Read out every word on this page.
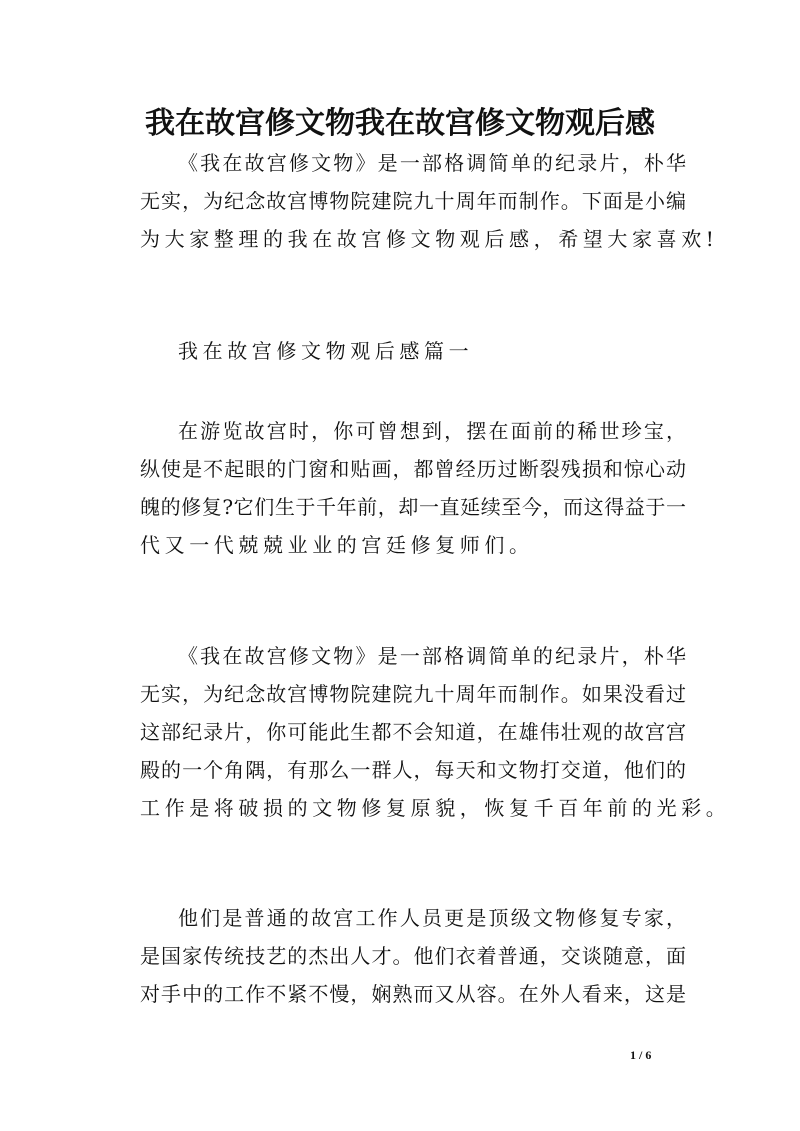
我在故宫修文物我在故宫修文物观后感
《我在故宫修文物》是一部格调简单的纪录片，朴华
无实，为纪念故宫博物院建院九十周年而制作。下面是小编
为大家整理的我在故宫修文物观后感，希望大家喜欢!
我在故宫修文物观后感篇一
在游览故宫时，你可曾想到，摆在面前的稀世珍宝，
纵使是不起眼的门窗和贴画，都曾经历过断裂残损和惊心动
魄的修复?它们生于千年前，却一直延续至今，而这得益于一
代又一代兢兢业业的宫廷修复师们。
《我在故宫修文物》是一部格调简单的纪录片，朴华
无实，为纪念故宫博物院建院九十周年而制作。如果没看过
这部纪录片，你可能此生都不会知道，在雄伟壮观的故宫宫
殿的一个角隅，有那么一群人，每天和文物打交道，他们的
工作是将破损的文物修复原貌，恢复千百年前的光彩。
他们是普通的故宫工作人员更是顶级文物修复专家，
是国家传统技艺的杰出人才。他们衣着普通，交谈随意，面
对手中的工作不紧不慢，娴熟而又从容。在外人看来，这是
1 / 6
